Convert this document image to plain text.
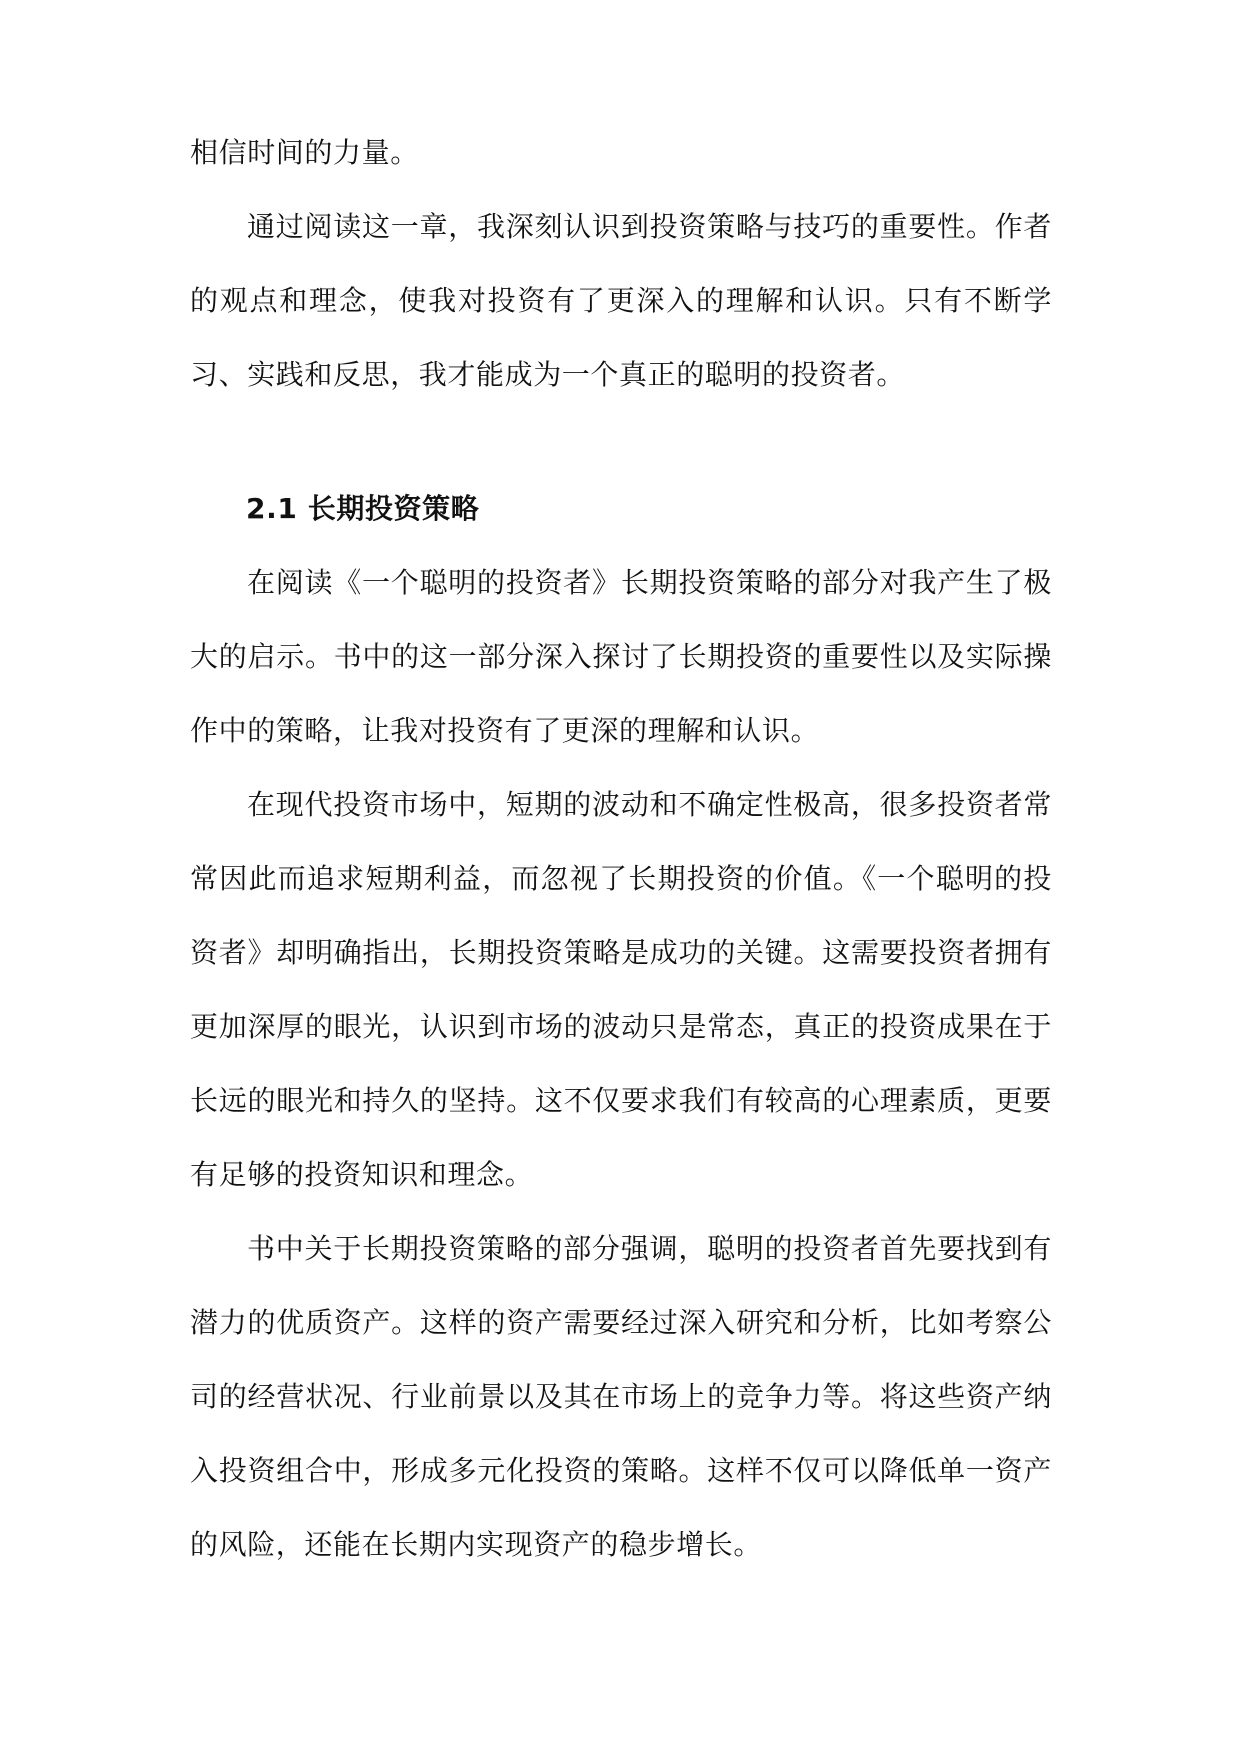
相信时间的力量。

通过阅读这一章，我深刻认识到投资策略与技巧的重要性。作者的观点和理念，使我对投资有了更深入的理解和认识。只有不断学习、实践和反思，我才能成为一个真正的聪明的投资者。

2.1 长期投资策略

在阅读《一个聪明的投资者》长期投资策略的部分对我产生了极大的启示。书中的这一部分深入探讨了长期投资的重要性以及实际操作中的策略，让我对投资有了更深的理解和认识。

在现代投资市场中，短期的波动和不确定性极高，很多投资者常常因此而追求短期利益，而忽视了长期投资的价值。《一个聪明的投资者》却明确指出，长期投资策略是成功的关键。这需要投资者拥有更加深厚的眼光，认识到市场的波动只是常态，真正的投资成果在于长远的眼光和持久的坚持。这不仅要求我们有较高的心理素质，更要有足够的投资知识和理念。

书中关于长期投资策略的部分强调，聪明的投资者首先要找到有潜力的优质资产。这样的资产需要经过深入研究和分析，比如考察公司的经营状况、行业前景以及其在市场上的竞争力等。将这些资产纳入投资组合中，形成多元化投资的策略。这样不仅可以降低单一资产的风险，还能在长期内实现资产的稳步增长。
